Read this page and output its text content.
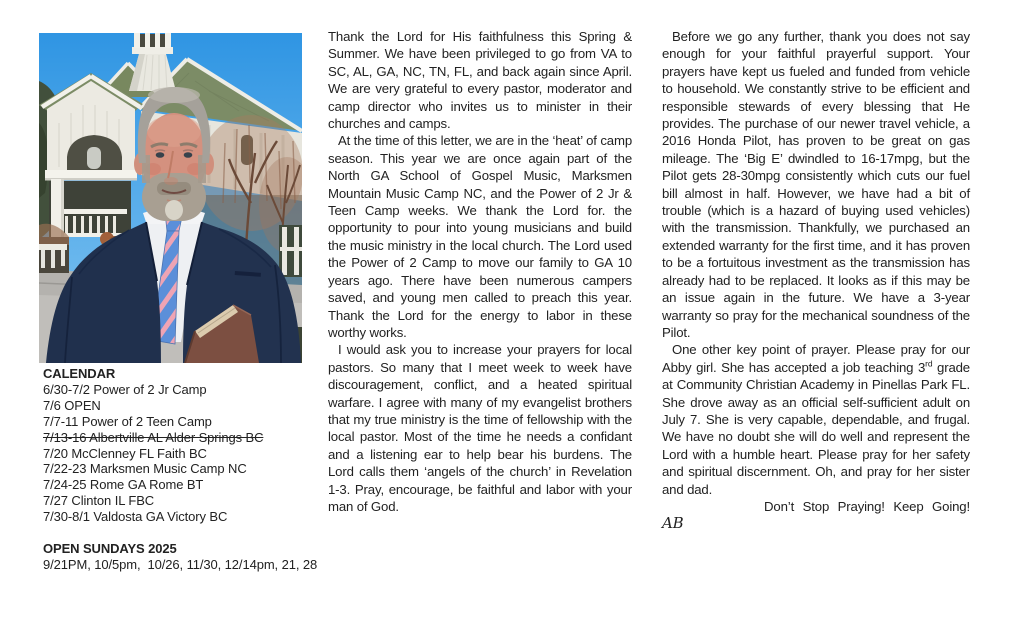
CALENDAR
6/30-7/2 Power of 2 Jr Camp
7/6 OPEN
7/7-11 Power of 2 Teen Camp
7/13-16 Albertville AL Alder Springs BC
7/20 McClenney FL Faith BC
7/22-23 Marksmen Music Camp NC
7/24-25 Rome GA Rome BT
7/27 Clinton IL FBC
7/30-8/1 Valdosta GA Victory BC
OPEN SUNDAYS 2025
9/21PM, 10/5pm,  10/26, 11/30, 12/14pm, 21, 28

Thank the Lord for His faithfulness this Spring & Summer. We have been privileged to go from VA to SC, AL, GA, NC, TN, FL, and back again since April. We are very grateful to every pastor, moderator and camp director who invites us to minister in their churches and camps.

At the time of this letter, we are in the ‘heat’ of camp season. This year we are once again part of the North GA School of Gospel Music, Marksmen Mountain Music Camp NC, and the Power of 2 Jr & Teen Camp weeks. We thank the Lord for. the opportunity to pour into young musicians and build the music ministry in the local church. The Lord used the Power of 2 Camp to move our family to GA 10 years ago. There have been numerous campers saved, and young men called to preach this year. Thank the Lord for the energy to labor in these worthy works.

I would ask you to increase your prayers for local pastors. So many that I meet week to week have discouragement, conflict, and a heated spiritual warfare. I agree with many of my evangelist brothers that my true ministry is the time of fellowship with the local pastor. Most of the time he needs a confidant and a listening ear to help bear his burdens. The Lord calls them ‘angels of the church’ in Revelation 1-3. Pray, encourage, be faithful and labor with your man of God.

Before we go any further, thank you does not say enough for your faithful prayerful support. Your prayers have kept us fueled and funded from vehicle to household. We constantly strive to be efficient and responsible stewards of every blessing that He provides. The purchase of our newer travel vehicle, a 2016 Honda Pilot, has proven to be great on gas mileage. The ‘Big E’ dwindled to 16-17mpg, but the Pilot gets 28-30mpg consistently which cuts our fuel bill almost in half. However, we have had a bit of trouble (which is a hazard of buying used vehicles) with the transmission. Thankfully, we purchased an extended warranty for the first time, and it has proven to be a fortuitous investment as the transmission has already had to be replaced. It looks as if this may be an issue again in the future. We have a 3-year warranty so pray for the mechanical soundness of the Pilot.

One other key point of prayer. Please pray for our Abby girl. She has accepted a job teaching 3rd grade at Community Christian Academy in Pinellas Park FL. She drove away as an official self-sufficient adult on July 7. She is very capable, dependable, and frugal. We have no doubt she will do well and represent the Lord with a humble heart. Please pray for her safety and spiritual discernment. Oh, and pray for her sister and dad.

Don’t Stop Praying! Keep Going!

AB
